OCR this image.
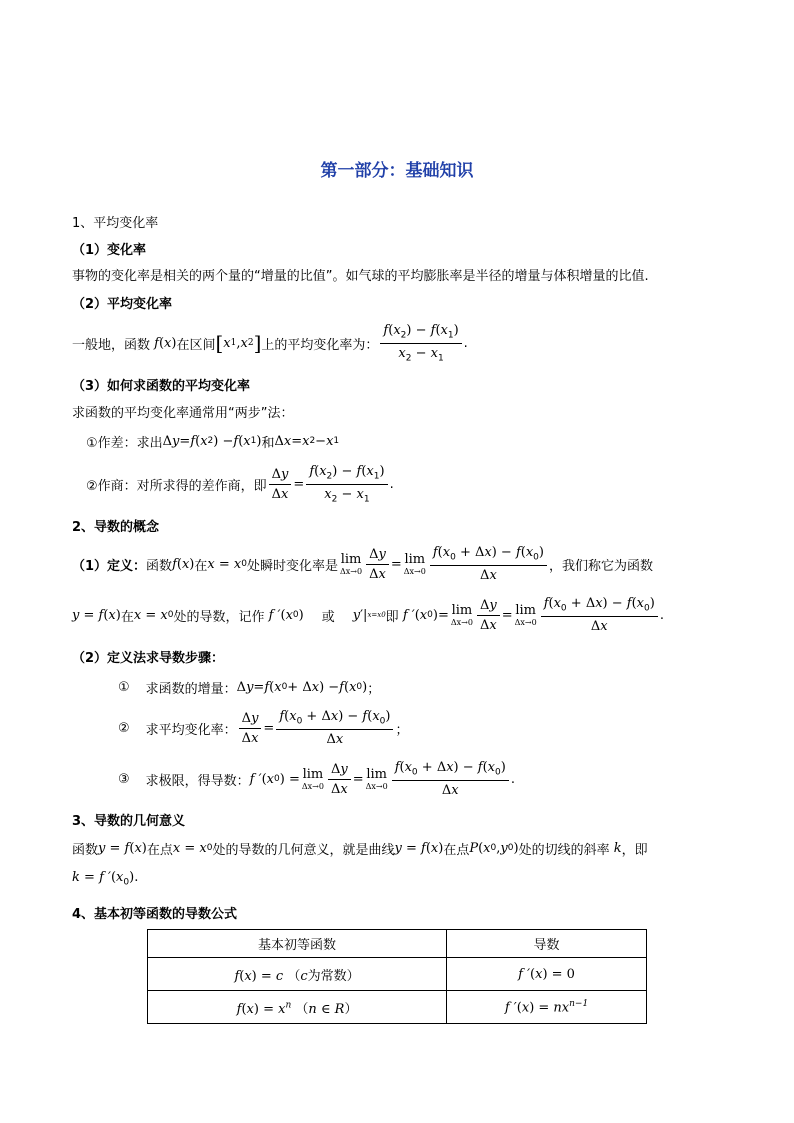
第一部分：基础知识
1、平均变化率
（1）变化率
事物的变化率是相关的两个量的“增量的比值”。如气球的平均膨胀率是半径的增量与体积增量的比值.
（2）平均变化率
一般地，函数 f ( x ) 在区间 [ x 1 , x 2 ] 上的平均变化率为： $\frac{f(x_2) - f(x_1)}{x_2 - x_1}$ .
（3）如何求函数的平均变化率
求函数的平均变化率通常用“两步”法：
①作差：求出 Δ y = f ( x 2 ) − f ( x 1 ) 和 Δ x = x 2 − x 1
②作商：对所求得的差作商，即 $\frac{\Delta y}{\Delta x} = \frac{f(x_2) - f(x_1)}{x_2 - x_1}$ .
2、导数的概念
（1）定义： 函数 f ( x ) 在 x = x 0 处瞬时变化率是 lim
$\Delta x\to 0 \frac{\Delta y}{\Delta x} = \lim$
$\Delta x\to 0 \frac{f(x_0 + \Delta x) - f(x_0)}{\Delta x}$ ，我们称它为函数
y = f ( x ) 在 x = x 0 处的导数，记作 f ′ ( x 0 ) 或 y ′| x=x0 即 f ′ ( x 0 )= lim
$\Delta x\to 0 \frac{\Delta y}{\Delta x} = \lim$
$\Delta x\to 0 \frac{f(x_0 + \Delta x) - f(x_0)}{\Delta x}$ .
（2）定义法求导数步骤：
① 求函数的增量： Δ y = f ( x 0 + Δ x ) − f ( x 0 ) ；
② 求平均变化率： $\frac{\Delta y}{\Delta x} = \frac{f(x_0 + \Delta x) - f(x_0)}{\Delta x}$ ；
③ 求极限，得导数： f ′ ( x 0 ) = lim
$\Delta x\to 0 \frac{\Delta y}{\Delta x} = \lim$
$\Delta x\to 0 \frac{f(x_0 + \Delta x) - f(x_0)}{\Delta x}$ .
3、导数的几何意义
函数 y = f ( x ) 在点 x = x 0 处的导数的几何意义，就是曲线 y = f ( x ) 在点 P ( x 0 , y 0 ) 处的切线的斜率 k ，即
k = f $'(x_0)$.
4、基本初等函数的导数公式
基本初等函数	导数
f(x) = c （c为常数）	f ′(x) = 0
$f(x) = x^n$ （n ∈ R）	f $'(x) = nx^{n-1}$
